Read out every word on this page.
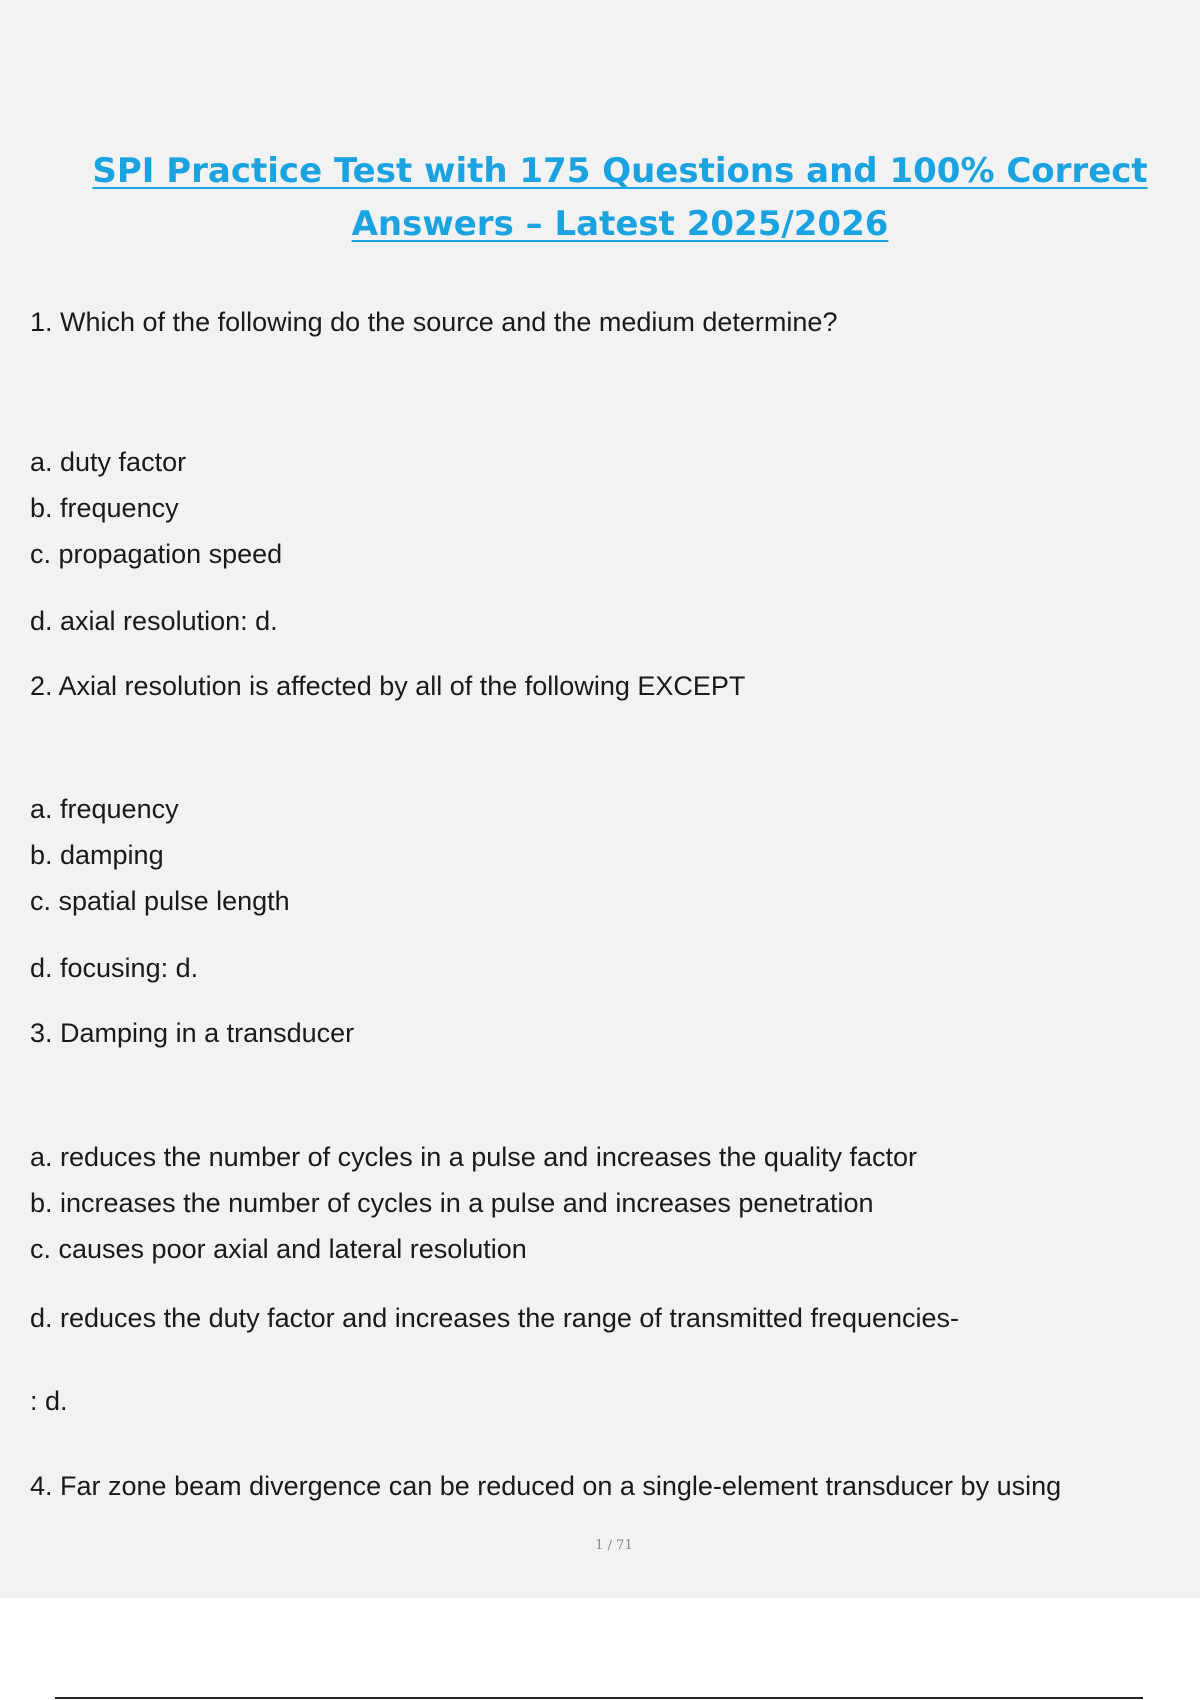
SPI Practice Test with 175 Questions and 100% Correct
Answers – Latest 2025/2026

1. Which of the following do the source and the medium determine?

a. duty factor

b. frequency

c. propagation speed

d. axial resolution: d.

2. Axial resolution is affected by all of the following EXCEPT

a. frequency

b. damping

c. spatial pulse length

d. focusing: d.

3. Damping in a transducer

a. reduces the number of cycles in a pulse and increases the quality factor

b. increases the number of cycles in a pulse and increases penetration

c. causes poor axial and lateral resolution

d. reduces the duty factor and increases the range of transmitted frequencies-

: d.

4. Far zone beam divergence can be reduced on a single-element transducer by using

1 / 71
